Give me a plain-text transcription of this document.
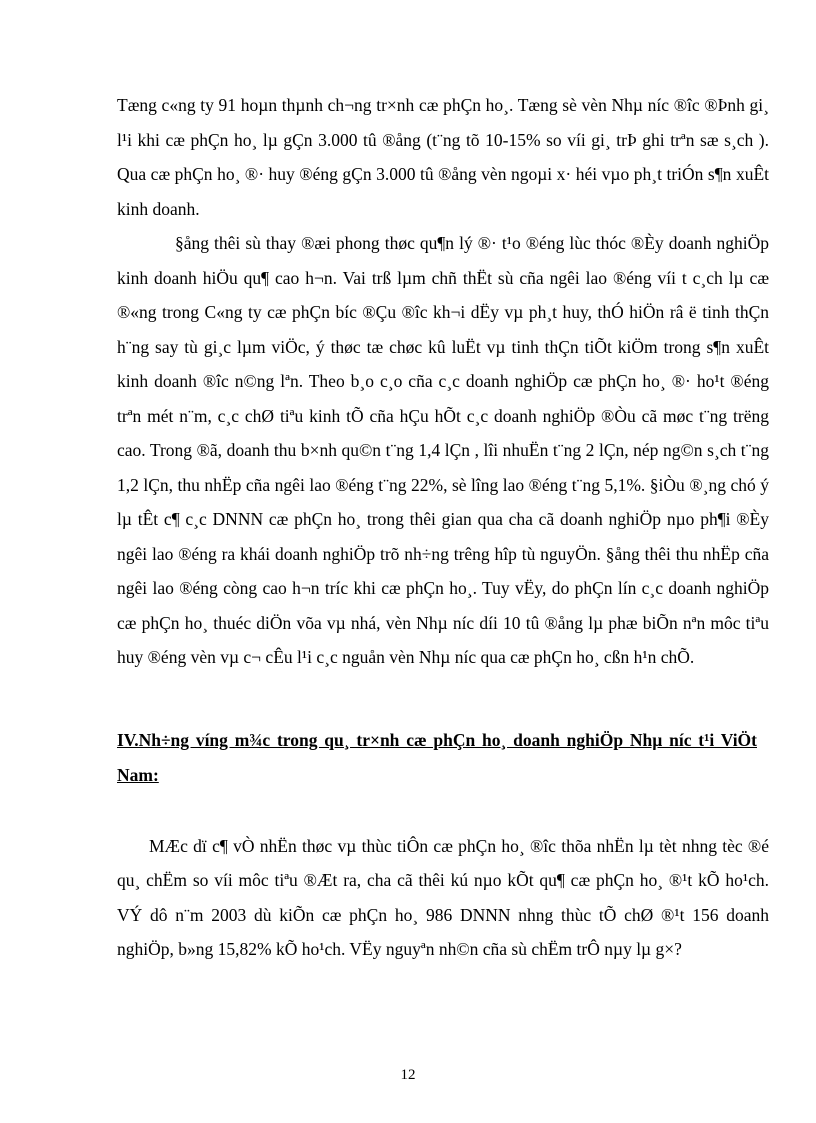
Tæng c«ng ty 91 hoµn thµnh ch¬ng tr×nh cæ phÇn ho¸. Tæng sè vèn Nhµ níc ®îc ®Þnh gi¸ l¹i khi cæ phÇn ho¸ lµ gÇn 3.000 tû ®ång (t¨ng tõ 10-15% so víi gi¸ trÞ ghi trªn sæ s¸ch ). Qua cæ phÇn ho¸ ®· huy ®éng gÇn 3.000 tû ®ång vèn ngoµi x· héi vµo ph¸t triÓn s¶n xuÊt kinh doanh.

§ång thêi sù thay ®æi phong thøc qu¶n lý ®· t¹o ®éng lùc thóc ®Èy doanh nghiÖp kinh doanh hiÖu qu¶ cao h¬n. Vai trß lµm chñ thËt sù cña ngêi lao ®éng víi t c¸ch lµ cæ ®«ng trong C«ng ty cæ phÇn bíc ®Çu ®îc kh¬i dËy vµ ph¸t huy, thÓ hiÖn râ ë tinh thÇn h¨ng say tù gi¸c lµm viÖc, ý thøc tæ chøc kû luËt vµ tinh thÇn tiÕt kiÖm trong s¶n xuÊt kinh doanh ®îc n©ng lªn. Theo b¸o c¸o cña c¸c doanh nghiÖp cæ phÇn ho¸ ®· ho¹t ®éng trªn mét n¨m, c¸c chØ tiªu kinh tÕ cña hÇu hÕt c¸c doanh nghiÖp ®Òu cã møc t¨ng trëng cao. Trong ®ã, doanh thu b×nh qu©n t¨ng 1,4 lÇn , lîi nhuËn t¨ng 2 lÇn, nép ng©n s¸ch t¨ng 1,2 lÇn, thu nhËp cña ngêi lao ®éng t¨ng 22%, sè lîng lao ®éng t¨ng 5,1%. §iÒu ®¸ng chó ý lµ tÊt c¶ c¸c DNNN cæ phÇn ho¸ trong thêi gian qua cha cã doanh nghiÖp nµo ph¶i ®Èy ngêi lao ®éng ra khái doanh nghiÖp trõ nh÷ng trêng hîp tù nguyÖn. §ång thêi thu nhËp cña ngêi lao ®éng còng cao h¬n tríc khi cæ phÇn ho¸. Tuy vËy, do phÇn lín c¸c doanh nghiÖp cæ phÇn ho¸ thuéc diÖn võa vµ nhá, vèn Nhµ níc díi 10 tû ®ång lµ phæ biÕn nªn môc tiªu huy ®éng vèn vµ c¬ cÊu l¹i c¸c nguån vèn Nhµ níc qua cæ phÇn ho¸ cßn h¹n chÕ.

IV.Nh÷ng víng m¾c trong qu¸ tr×nh cæ phÇn ho¸ doanh nghiÖp Nhµ níc t¹i ViÖt Nam:

MÆc dï c¶ vÒ nhËn thøc vµ thùc tiÔn cæ phÇn ho¸ ®îc thõa nhËn lµ tèt nhng tèc ®é qu¸ chËm so víi môc tiªu ®Æt ra, cha cã thêi kú nµo kÕt qu¶ cæ phÇn ho¸ ®¹t kÕ ho¹ch. VÝ dô n¨m 2003 dù kiÕn cæ phÇn ho¸ 986 DNNN nhng thùc tÕ chØ ®¹t 156 doanh nghiÖp, b»ng 15,82% kÕ ho¹ch. VËy nguyªn nh©n cña sù chËm trÔ nµy lµ g×?

12
